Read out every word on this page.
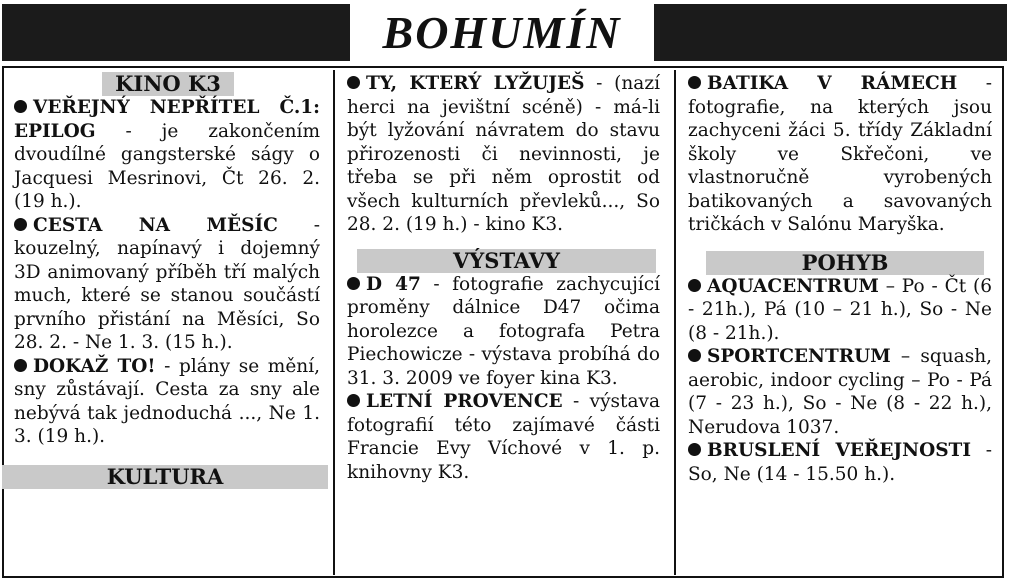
BOHUMÍN
KINO K3

VEŘEJNÝ NEPŘÍTEL Č.1: EPILOG - je zakončením dvoudílné gangsterské ságy o Jacquesi Mesrinovi, Čt 26. 2. (19 h.).

CESTA NA MĚSÍC - kouzelný, napínavý i dojemný 3D animovaný příběh tří malých much, které se stanou součástí prvního přistání na Měsíci, So 28. 2. - Ne 1. 3. (15 h.).

DOKAŽ TO! - plány se mění, sny zůstávají. Cesta za sny ale nebývá tak jednoduchá ..., Ne 1. 3. (19 h.).

KULTURA

TY, KTERÝ LYŽUJEŠ - (nazí herci na jevištní scéně) - má-li být lyžování návratem do stavu přirozenosti či nevinnosti, je třeba se při něm oprostit od všech kulturních převleků..., So 28. 2. (19 h.) - kino K3.

VÝSTAVY

D 47 - fotografie zachycující proměny dálnice D47 očima horolezce a fotografa Petra Piechowicze - výstava probíhá do 31. 3. 2009 ve foyer kina K3.

LETNÍ PROVENCE - výstava fotografií této zajímavé části Francie Evy Víchové v 1. p. knihovny K3.

BATIKA V RÁMECH - fotografie, na kterých jsou zachyceni žáci 5. třídy Základní školy ve Skřečoni, ve vlastnoručně vyrobených batikovaných a savovaných tričkách v Salónu Maryška.

POHYB

AQUACENTRUM – Po - Čt (6 - 21h.), Pá (10 – 21 h.), So - Ne (8 - 21h.).

SPORTCENTRUM – squash, aerobic, indoor cycling – Po - Pá (7 - 23 h.), So - Ne (8 - 22 h.), Nerudova 1037.

BRUSLENÍ VEŘEJNOSTI - So, Ne (14 - 15.50 h.).
